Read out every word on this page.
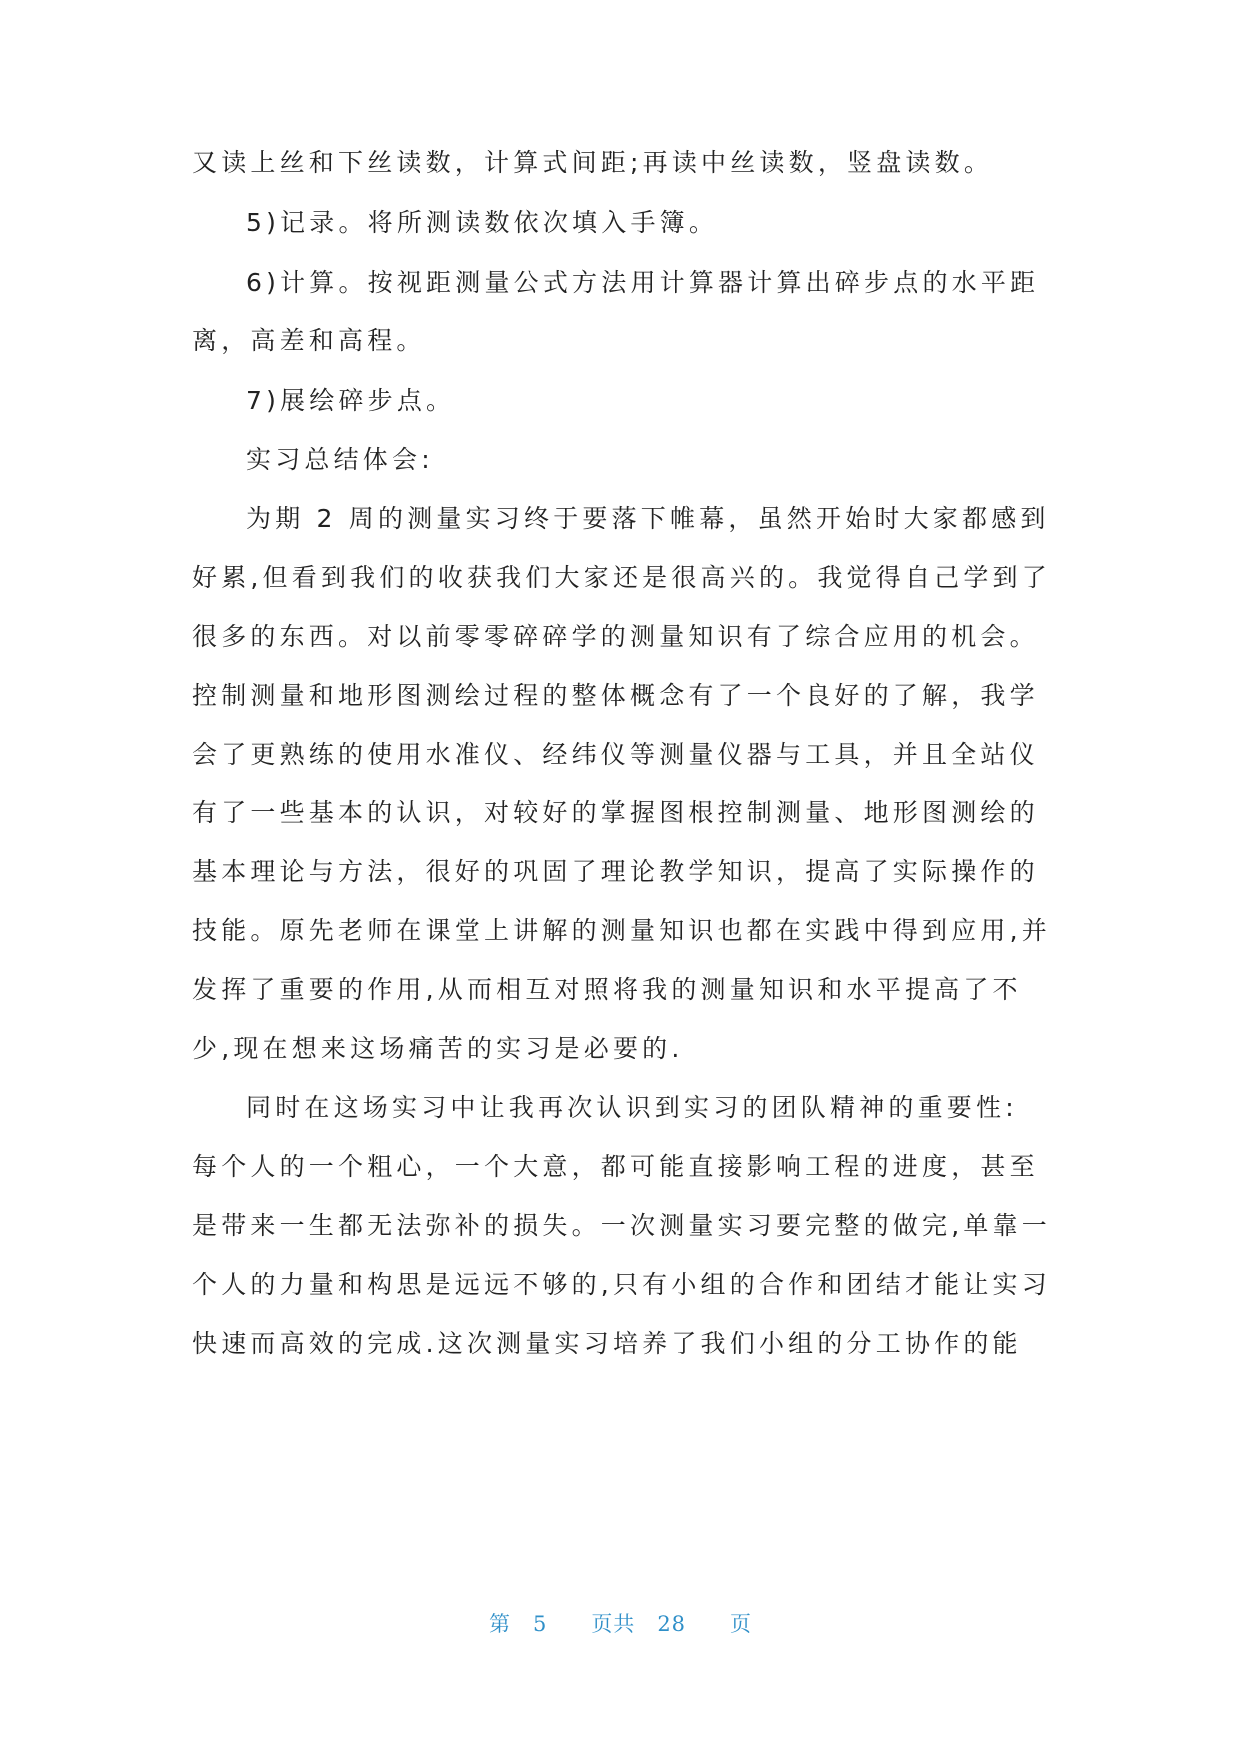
又读上丝和下丝读数，计算式间距;再读中丝读数，竖盘读数。
5)记录。将所测读数依次填入手簿。
6)计算。按视距测量公式方法用计算器计算出碎步点的水平距
离，高差和高程。
7)展绘碎步点。
实习总结体会:
为期 2 周的测量实习终于要落下帷幕，虽然开始时大家都感到
好累,但看到我们的收获我们大家还是很高兴的。我觉得自己学到了
很多的东西。对以前零零碎碎学的测量知识有了综合应用的机会。
控制测量和地形图测绘过程的整体概念有了一个良好的了解，我学
会了更熟练的使用水准仪、经纬仪等测量仪器与工具，并且全站仪
有了一些基本的认识，对较好的掌握图根控制测量、地形图测绘的
基本理论与方法，很好的巩固了理论教学知识，提高了实际操作的
技能。原先老师在课堂上讲解的测量知识也都在实践中得到应用,并
发挥了重要的作用,从而相互对照将我的测量知识和水平提高了不
少,现在想来这场痛苦的实习是必要的.
同时在这场实习中让我再次认识到实习的团队精神的重要性:
每个人的一个粗心，一个大意，都可能直接影响工程的进度，甚至
是带来一生都无法弥补的损失。一次测量实习要完整的做完,单靠一
个人的力量和构思是远远不够的,只有小组的合作和团结才能让实习
快速而高效的完成.这次测量实习培养了我们小组的分工协作的能
第 5 页共 28 页
